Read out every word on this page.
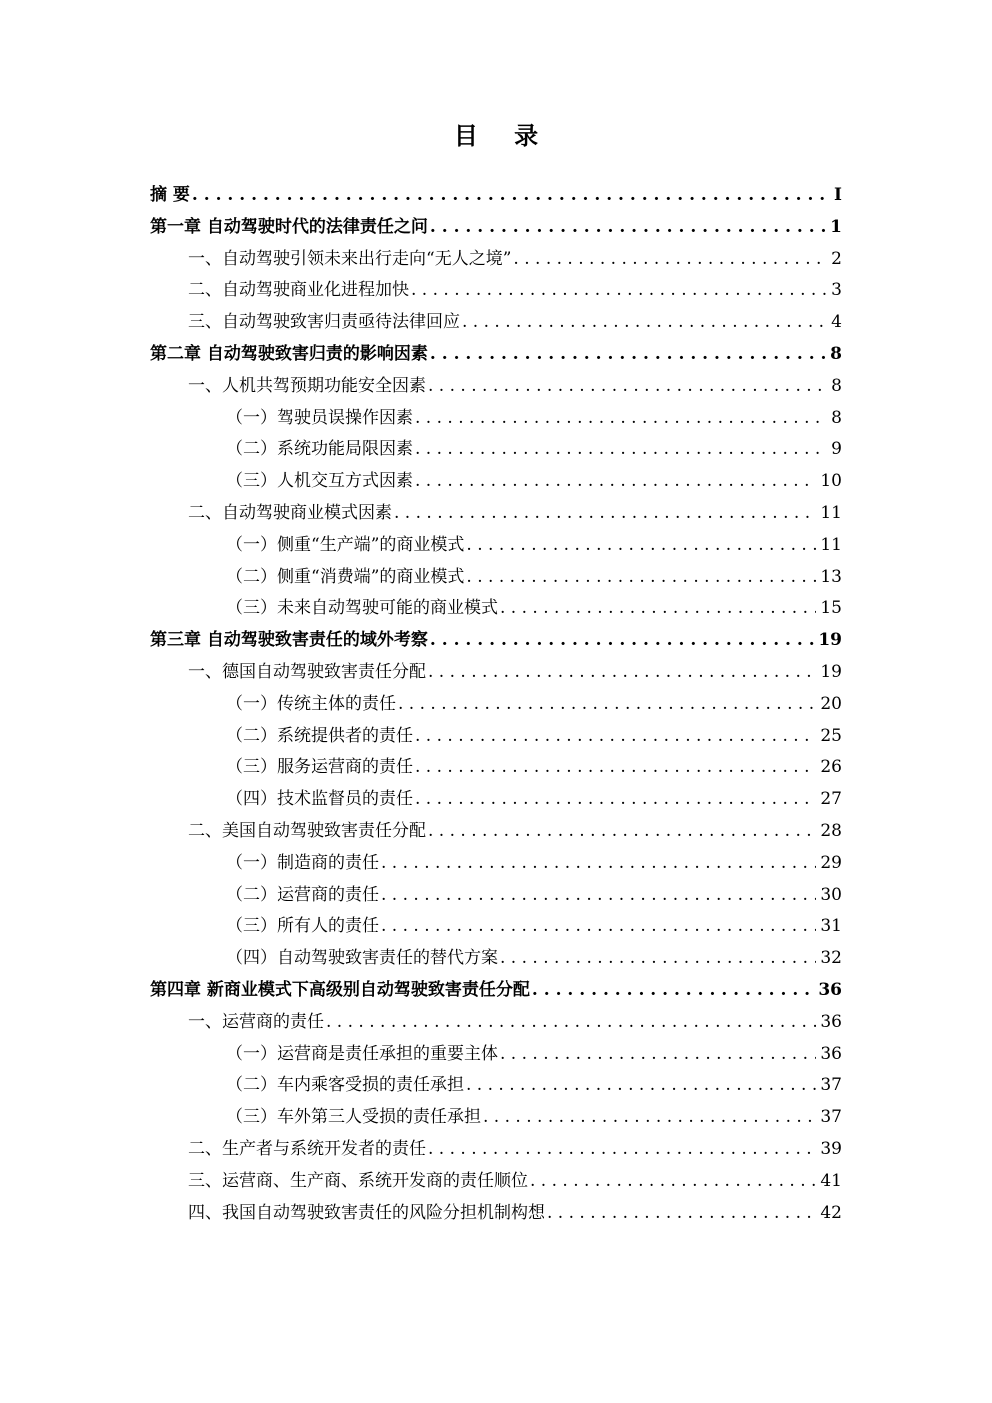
目 录
摘 要 . . .	I
第一章 自动驾驶时代的法律责任之问 . . .	1
一、自动驾驶引领未来出行走向“无人之境” . . .	2
二、自动驾驶商业化进程加快 . . .	3
三、自动驾驶致害归责亟待法律回应 . . .	4
第二章 自动驾驶致害归责的影响因素 . . .	8
一、人机共驾预期功能安全因素 . . .	8
（一）驾驶员误操作因素 . . .	8
（二）系统功能局限因素 . . .	9
（三）人机交互方式因素 . . .	10
二、自动驾驶商业模式因素 . . .	11
（一）侧重“生产端”的商业模式 . . .	11
（二）侧重“消费端”的商业模式 . . .	13
（三）未来自动驾驶可能的商业模式 . . .	15
第三章 自动驾驶致害责任的域外考察 . . .	19
一、德国自动驾驶致害责任分配 . . .	19
（一）传统主体的责任 . . .	20
（二）系统提供者的责任 . . .	25
（三）服务运营商的责任 . . .	26
（四）技术监督员的责任 . . .	27
二、美国自动驾驶致害责任分配 . . .	28
（一）制造商的责任 . . .	29
（二）运营商的责任 . . .	30
（三）所有人的责任 . . .	31
（四）自动驾驶致害责任的替代方案 . . .	32
第四章 新商业模式下高级别自动驾驶致害责任分配 . . .	36
一、运营商的责任 . . .	36
（一）运营商是责任承担的重要主体 . . .	36
（二）车内乘客受损的责任承担 . . .	37
（三）车外第三人受损的责任承担 . . .	37
二、生产者与系统开发者的责任 . . .	39
三、运营商、生产商、系统开发商的责任顺位 . . .	41
四、我国自动驾驶致害责任的风险分担机制构想 . . .	42
